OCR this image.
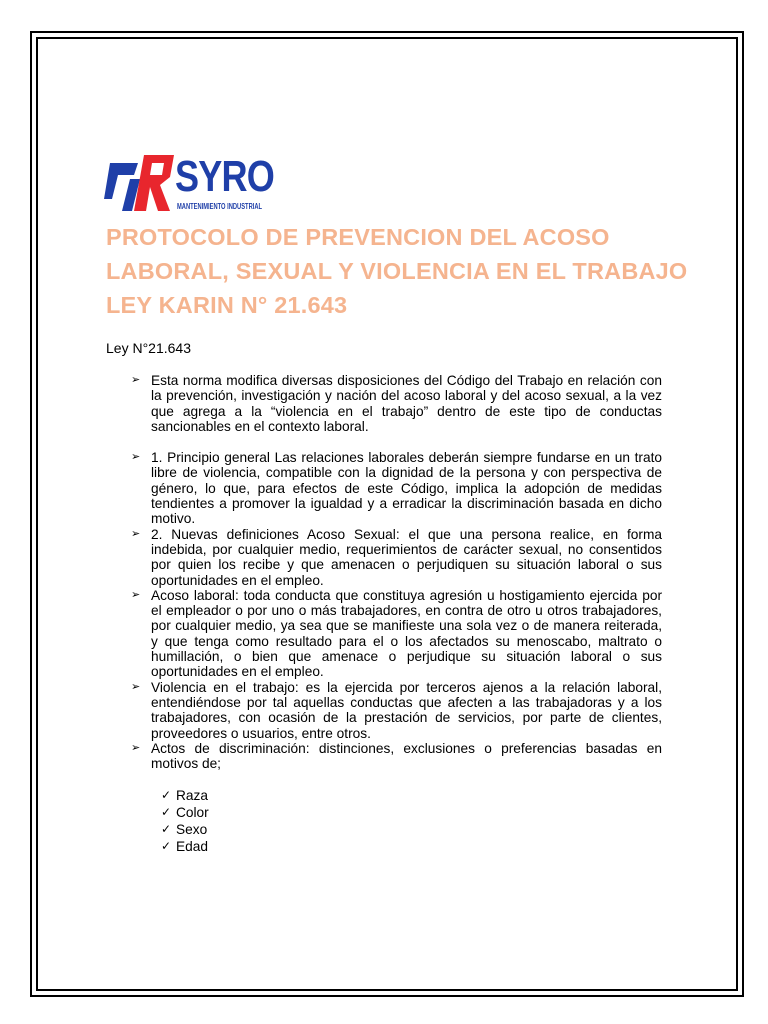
SYRO
MANTENIMIENTO INDUSTRIAL
PROTOCOLO DE PREVENCION DEL ACOSO
LABORAL, SEXUAL Y VIOLENCIA EN EL TRABAJO
LEY KARIN N° 21.643
Ley N°21.643

➢ Esta norma modifica diversas disposiciones del Código del Trabajo en relación con la prevención, investigación y nación del acoso laboral y del acoso sexual, a la vez que agrega a la “violencia en el trabajo” dentro de este tipo de conductas sancionables en el contexto laboral.

➢ 1. Principio general Las relaciones laborales deberán siempre fundarse en un trato libre de violencia, compatible con la dignidad de la persona y con perspectiva de género, lo que, para efectos de este Código, implica la adopción de medidas tendientes a promover la igualdad y a erradicar la discriminación basada en dicho motivo.

➢ 2. Nuevas definiciones Acoso Sexual: el que una persona realice, en forma indebida, por cualquier medio, requerimientos de carácter sexual, no consentidos por quien los recibe y que amenacen o perjudiquen su situación laboral o sus oportunidades en el empleo.

➢ Acoso laboral: toda conducta que constituya agresión u hostigamiento ejercida por el empleador o por uno o más trabajadores, en contra de otro u otros trabajadores, por cualquier medio, ya sea que se manifieste una sola vez o de manera reiterada, y que tenga como resultado para el o los afectados su menoscabo, maltrato o humillación, o bien que amenace o perjudique su situación laboral o sus oportunidades en el empleo.

➢ Violencia en el trabajo: es la ejercida por terceros ajenos a la relación laboral, entendiéndose por tal aquellas conductas que afecten a las trabajadoras y a los trabajadores, con ocasión de la prestación de servicios, por parte de clientes, proveedores o usuarios, entre otros.

➢ Actos de discriminación: distinciones, exclusiones o preferencias basadas en motivos de;

✓ Raza
✓ Color
✓ Sexo
✓ Edad
